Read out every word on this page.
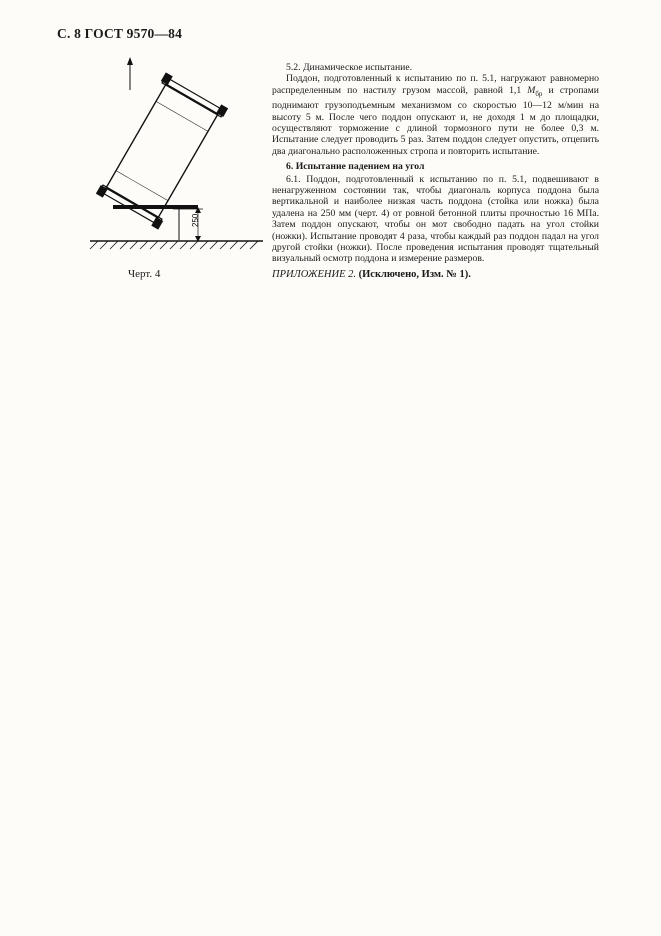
С. 8 ГОСТ 9570—84
250
Черт. 4

5.2. Динамическое испытание.

Поддон, подготовленный к испытанию по п. 5.1, нагружают равномерно распределенным по настилу грузом массой, равной 1,1 $M_{бр}$ и стропами поднимают грузоподъемным механизмом со скоростью 10—12 м/мин на высоту 5 м. После чего поддон опускают и, не доходя 1 м до площадки, осуществляют торможение с длиной тормозного пути не более 0,3 м. Испытание следует проводить 5 раз. Затем поддон следует опустить, отцепить два диагонально расположенных стропа и повторить испытание.

6. Испытание падением на угол

6.1. Поддон, подготовленный к испытанию по п. 5.1, подвешивают в ненагруженном состоянии так, чтобы диагональ корпуса поддона была вертикальной и наиболее низкая часть поддона (стойка или ножка) была удалена на 250 мм (черт. 4) от ровной бетонной плиты прочностью 16 МПа. Затем поддон опускают, чтобы он мот свободно падать на угол стойки (ножки). Испытание проводят 4 раза, чтобы каждый раз поддон падал на угол другой стойки (ножки). После проведения испытания проводят тщательный визуальный осмотр поддона и измерение размеров.

ПРИЛОЖЕНИЕ 2. (Исключено, Изм. № 1).
